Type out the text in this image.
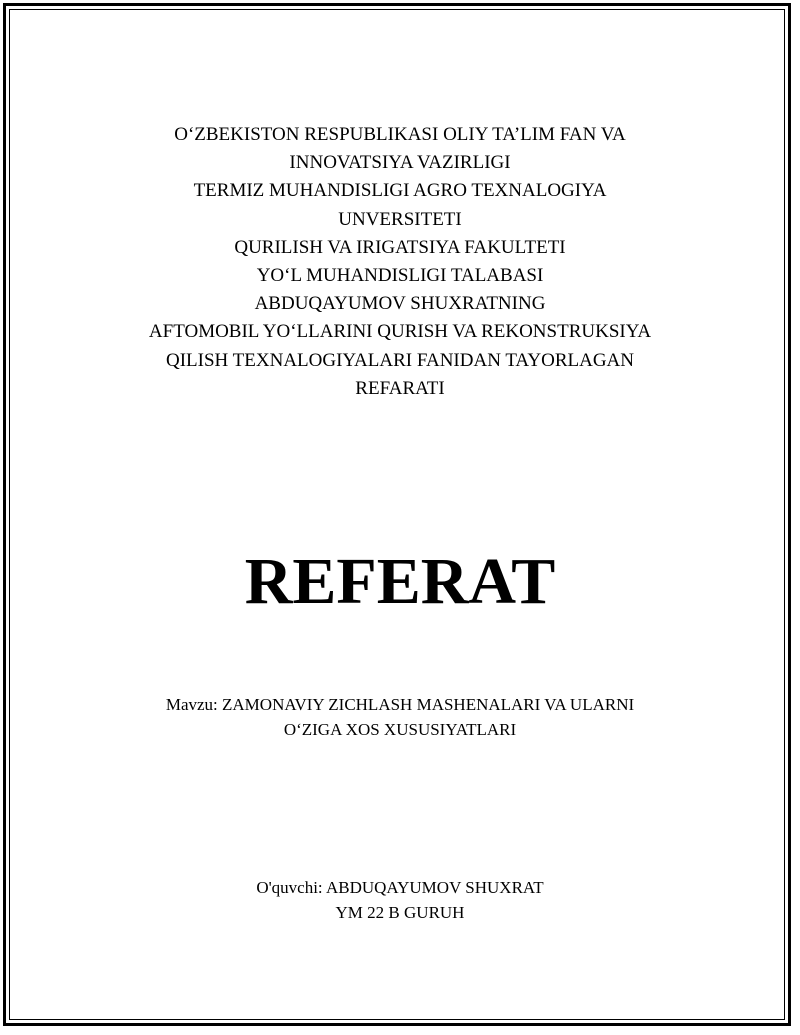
O‘ZBEKISTON RESPUBLIKASI OLIY TA’LIM FAN VA
INNOVATSIYA VAZIRLIGI
TERMIZ MUHANDISLIGI AGRO TEXNALOGIYA
UNVERSITETI
QURILISH VA IRIGATSIYA FAKULTETI
YO‘L MUHANDISLIGI TALABASI
ABDUQAYUMOV SHUXRATNING
AFTOMOBIL YO‘LLARINI QURISH VA REKONSTRUKSIYA
QILISH TEXNALOGIYALARI FANIDAN TAYORLAGAN
REFARATI
REFERAT
Mavzu: ZAMONAVIY ZICHLASH MASHENALARI VA ULARNI
O‘ZIGA XOS XUSUSIYATLARI
O'quvchi: ABDUQAYUMOV SHUXRAT
YM 22 B GURUH
